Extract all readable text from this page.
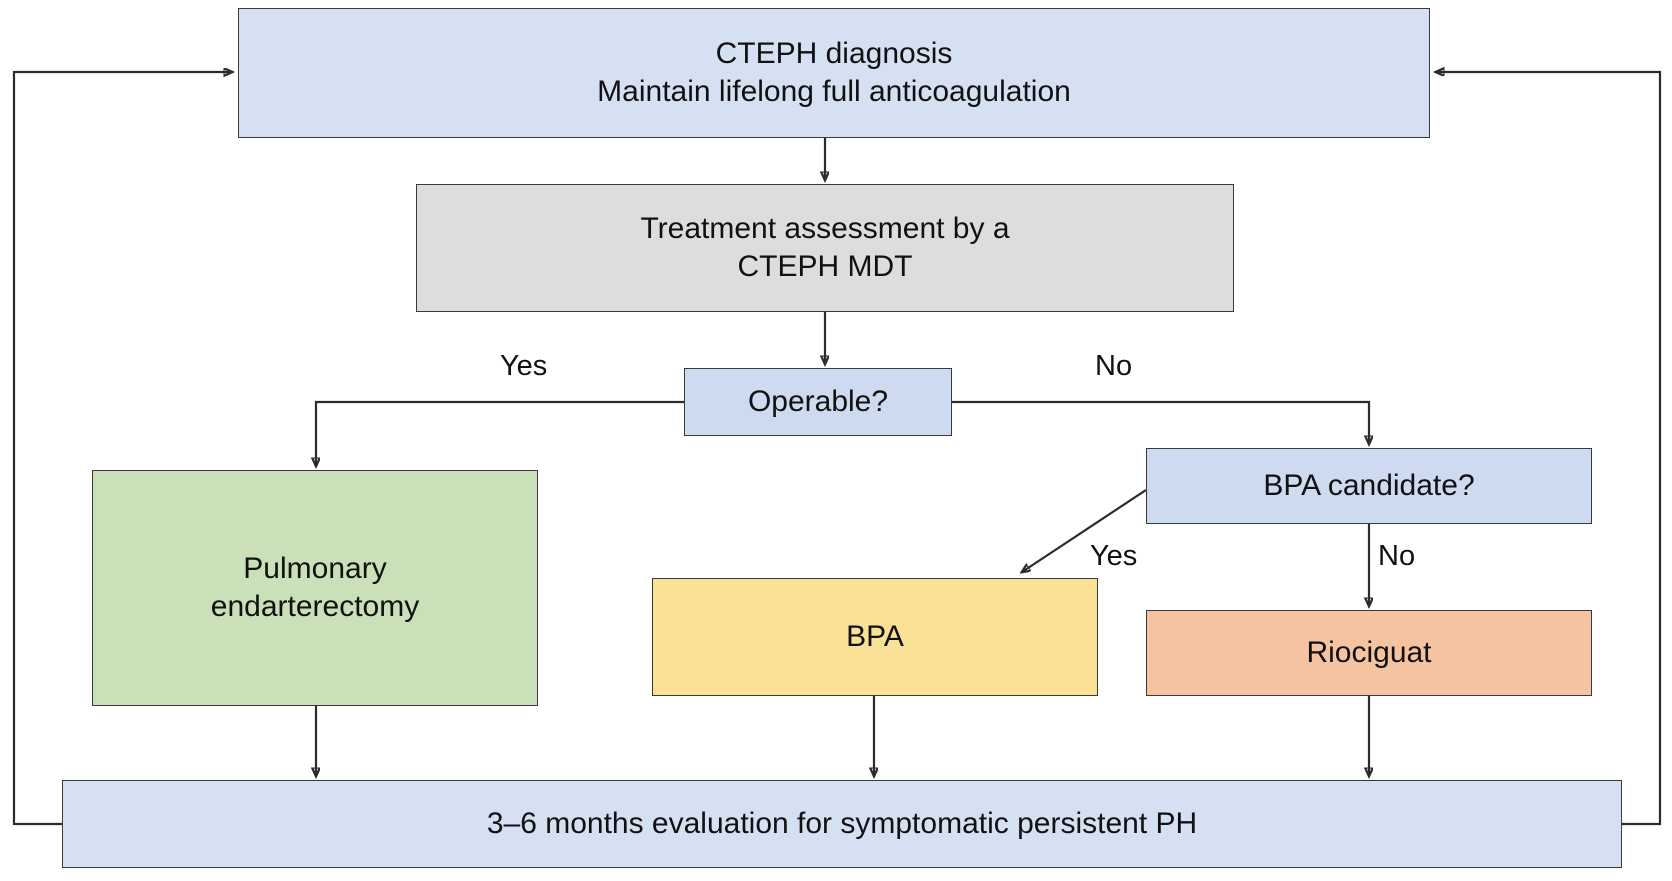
CTEPH diagnosis
Maintain lifelong full anticoagulation
Treatment assessment by a
CTEPH MDT
Operable?
Pulmonary
endarterectomy
BPA candidate?
BPA	Riociguat
3–6 months evaluation for symptomatic persistent PH
Yes	No
Yes	No
